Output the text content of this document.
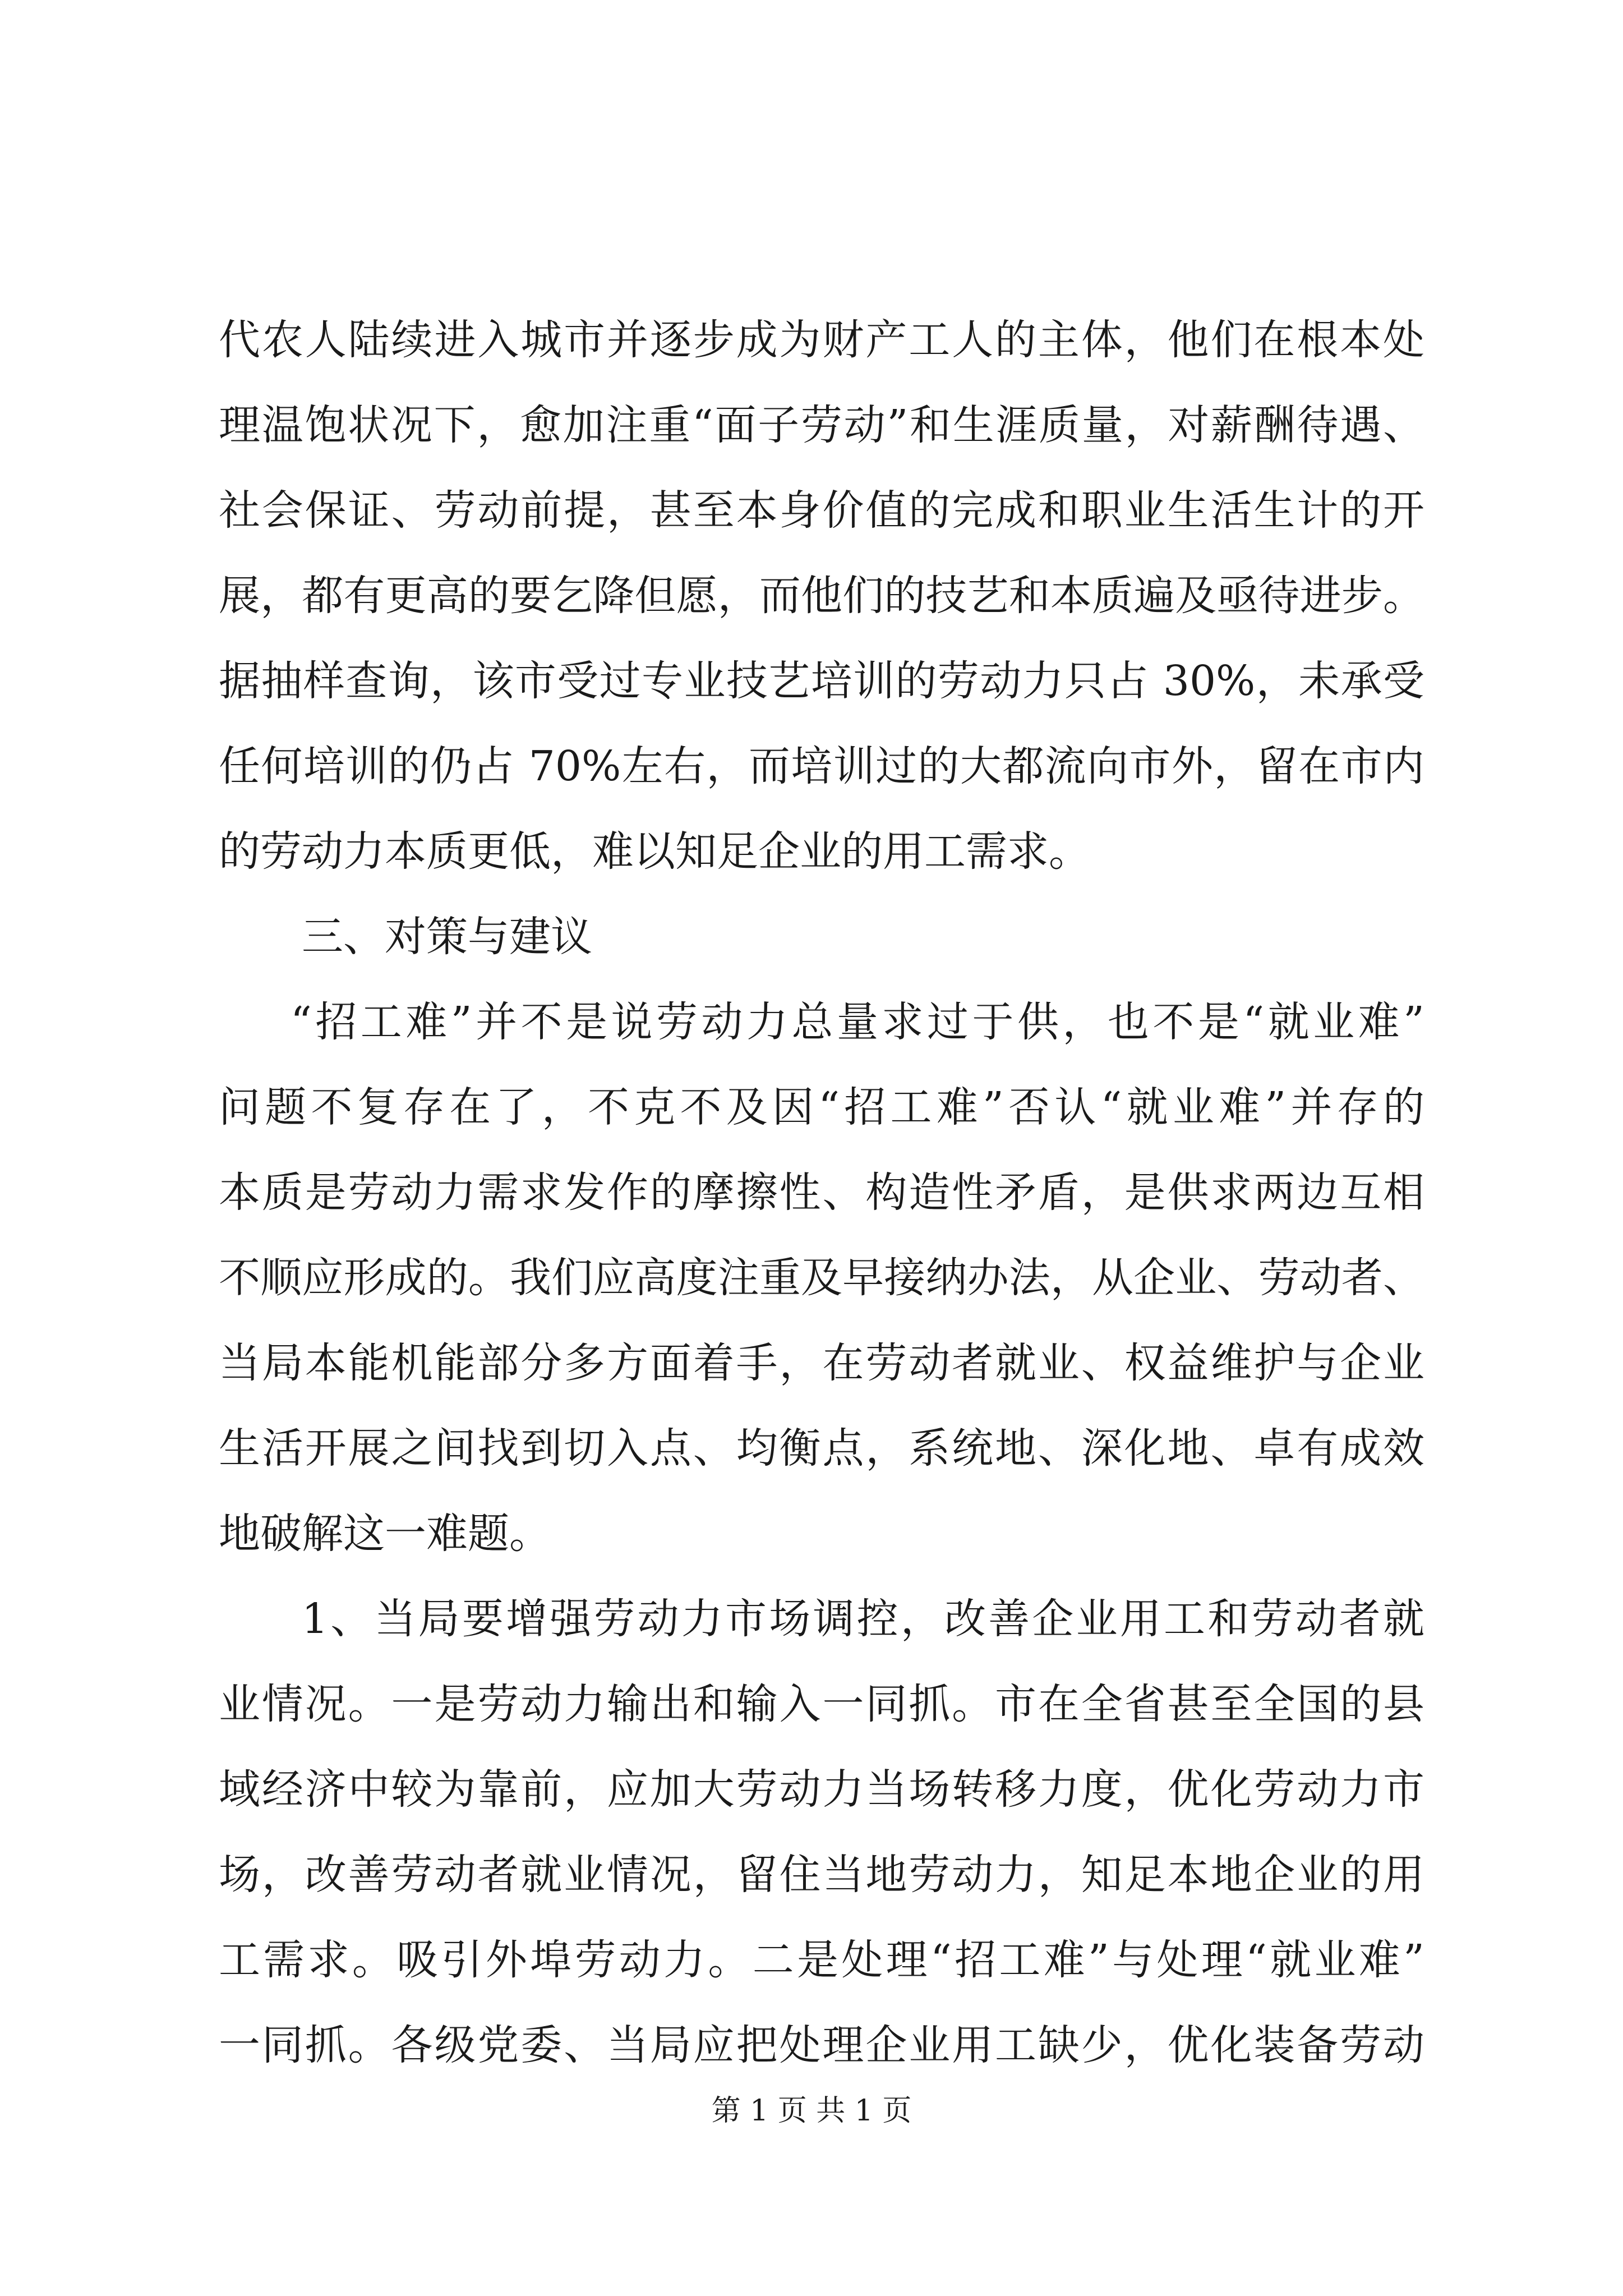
代农人陆续进入城市并逐步成为财产工人的主体，他们在根本处
理温饱状况下，愈加注重“面子劳动”和生涯质量，对薪酬待遇、
社会保证、劳动前提，甚至本身价值的完成和职业生活生计的开
展，都有更高的要乞降但愿，而他们的技艺和本质遍及亟待进步。
据抽样查询，该市受过专业技艺培训的劳动力只占 30%，未承受
任何培训的仍占 70%左右，而培训过的大都流向市外，留在市内
的劳动力本质更低，难以知足企业的用工需求。
三、对策与建议
“招工难”并不是说劳动力总量求过于供，也不是“就业难”
问题不复存在了，不克不及因“招工难”否认“就业难”并存的
本质是劳动力需求发作的摩擦性、构造性矛盾，是供求两边互相
不顺应形成的。我们应高度注重及早接纳办法，从企业、劳动者、
当局本能机能部分多方面着手，在劳动者就业、权益维护与企业
生活开展之间找到切入点、均衡点，系统地、深化地、卓有成效
地破解这一难题。
1、当局要增强劳动力市场调控，改善企业用工和劳动者就
业情况。一是劳动力输出和输入一同抓。市在全省甚至全国的县
域经济中较为靠前，应加大劳动力当场转移力度，优化劳动力市
场，改善劳动者就业情况，留住当地劳动力，知足本地企业的用
工需求。吸引外埠劳动力。二是处理“招工难”与处理“就业难”
一同抓。各级党委、当局应把处理企业用工缺少，优化装备劳动
第 1 页 共 1 页
